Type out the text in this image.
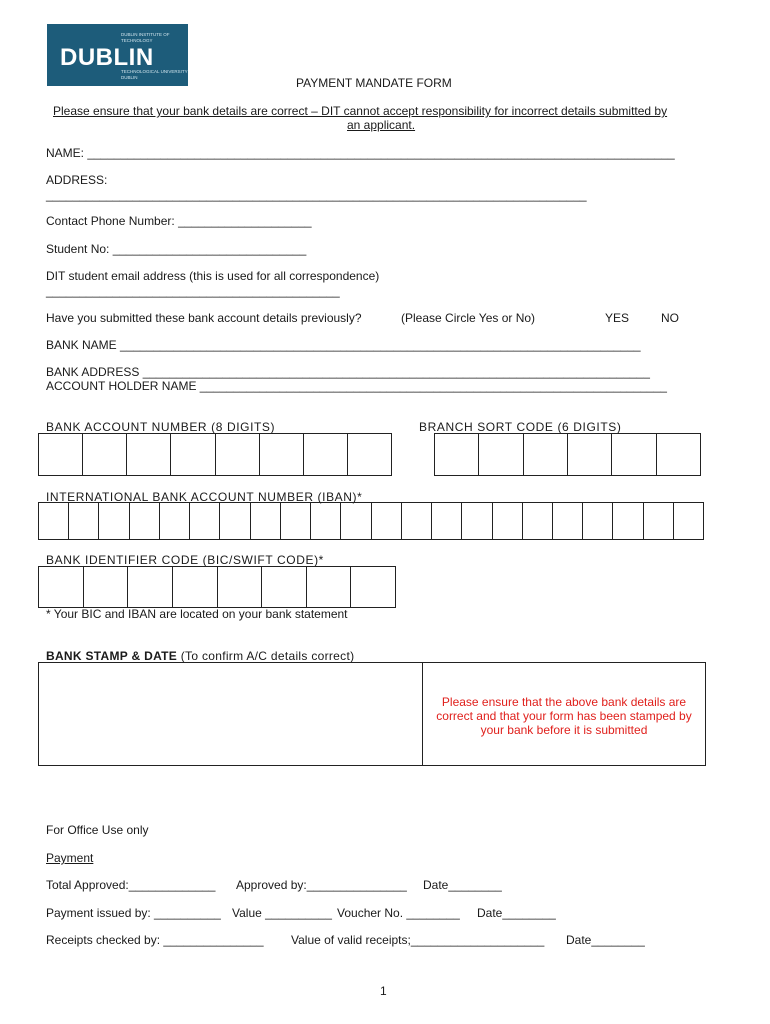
DUBLIN INSTITUTE OF TECHNOLOGY
DUBLIN
TECHNOLOGICAL UNIVERSITY DUBLIN	PAYMENT MANDATE FORM
Please ensure that your bank details are correct – DIT cannot accept responsibility for incorrect details submitted by
an applicant.
NAME: ________________________________________________________________________________________
ADDRESS:
_________________________________________________________________________________
Contact Phone Number: ____________________
Student No: _____________________________
DIT student email address (this is used for all correspondence)
____________________________________________
Have you submitted these bank account details previously?	(Please Circle Yes or No)	YES	NO
BANK NAME ______________________________________________________________________________
BANK ADDRESS ____________________________________________________________________________
ACCOUNT HOLDER NAME ______________________________________________________________________
BANK ACCOUNT NUMBER (8 DIGITS)	BRANCH SORT CODE (6 DIGITS)
INTERNATIONAL BANK ACCOUNT NUMBER (IBAN)*
BANK IDENTIFIER CODE (BIC/SWIFT CODE)*
* Your BIC and IBAN are located on your bank statement
BANK STAMP & DATE (To confirm A/C details correct)
Please ensure that the above bank details are correct and that your form has been stamped by your bank before it is submitted
For Office Use only
Payment
Total Approved:_____________ Approved by:_______________ Date________
Payment issued by: __________ Value __________ Voucher No. ________ Date________
Receipts checked by: _______________ Value of valid receipts;____________________ Date________
1
